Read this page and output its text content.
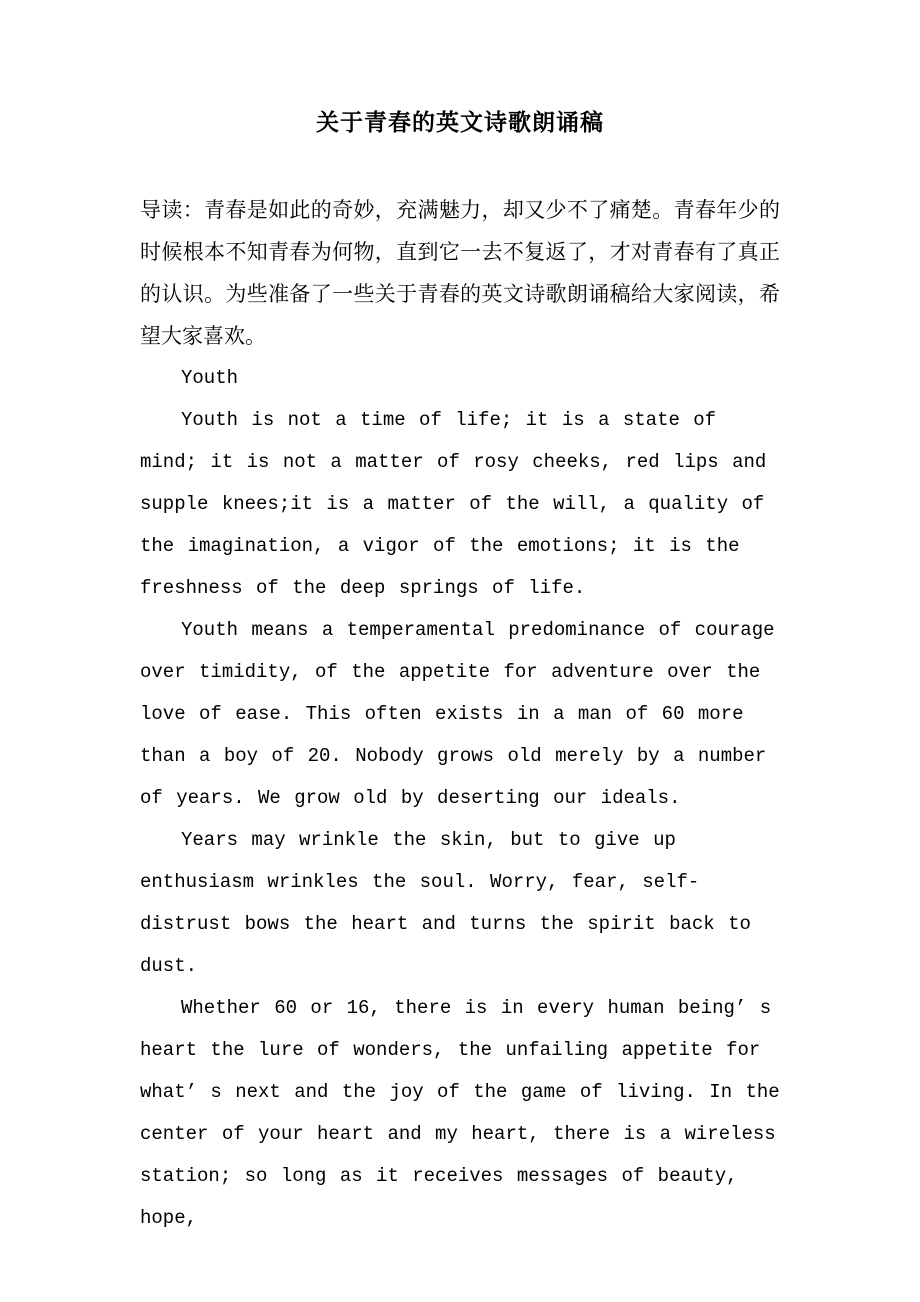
关于青春的英文诗歌朗诵稿

导读：青春是如此的奇妙，充满魅力，却又少不了痛楚。青春年少的时候根本不知青春为何物，直到它一去不复返了，才对青春有了真正的认识。为些准备了一些关于青春的英文诗歌朗诵稿给大家阅读，希望大家喜欢。

Youth

Youth is not a time of life; it is a state of mind; it is not a matter of rosy cheeks, red lips and supple knees;it is a matter of the will, a quality of the imagination, a vigor of the emotions; it is the freshness of the deep springs of life.

Youth means a temperamental predominance of courage over timidity, of the appetite for adventure over the love of ease. This often exists in a man of 60 more than a boy of 20. Nobody grows old merely by a number of years. We grow old by deserting our ideals.

Years may wrinkle the skin, but to give up enthusiasm wrinkles the soul. Worry, fear, self-distrust bows the heart and turns the spirit back to dust.

Whether 60 or 16, there is in every human being’ s heart the lure of wonders, the unfailing appetite for what’ s next and the joy of the game of living. In the center of your heart and my heart, there is a wireless station; so long as it receives messages of beauty, hope,
